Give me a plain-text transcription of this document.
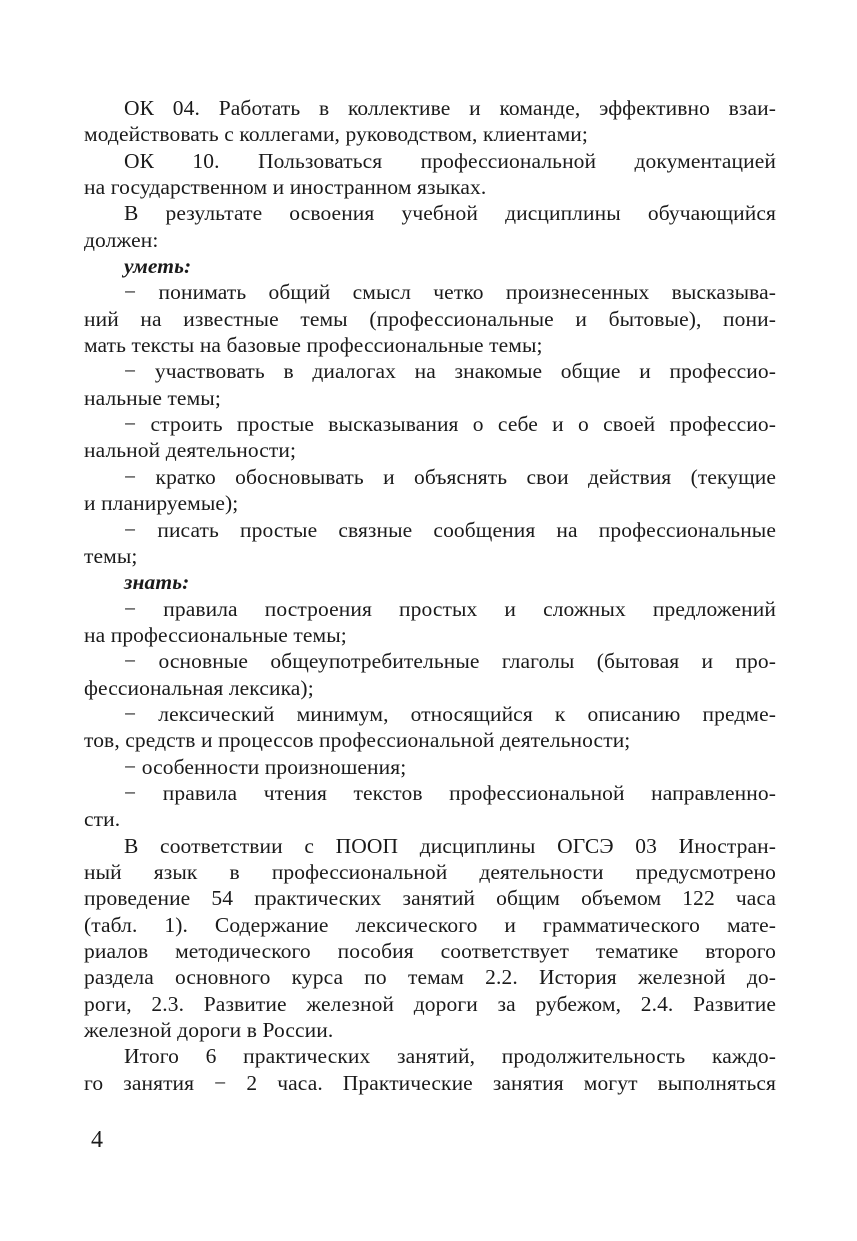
ОК 04. Работать в коллективе и команде, эффективно взаи-
модействовать с коллегами, руководством, клиентами;
ОК 10. Пользоваться профессиональной документацией
на государственном и иностранном языках.
В результате освоения учебной дисциплины обучающийся
должен:
уметь:
− понимать общий смысл четко произнесенных высказыва-
ний на известные темы (профессиональные и бытовые), пони-
мать тексты на базовые профессиональные темы;
− участвовать в диалогах на знакомые общие и профессио-
нальные темы;
− строить простые высказывания о себе и о своей профессио-
нальной деятельности;
− кратко обосновывать и объяснять свои действия (текущие
и планируемые);
− писать простые связные сообщения на профессиональные
темы;
знать:
− правила построения простых и сложных предложений
на профессиональные темы;
− основные общеупотребительные глаголы (бытовая и про-
фессиональная лексика);
− лексический минимум, относящийся к описанию предме-
тов, средств и процессов профессиональной деятельности;
− особенности произношения;
− правила чтения текстов профессиональной направленно-
сти.
В соответствии с ПООП дисциплины ОГСЭ 03 Иностран-
ный язык в профессиональной деятельности предусмотрено
проведение 54 практических занятий общим объемом 122 часа
(табл. 1). Содержание лексического и грамматического мате-
риалов методического пособия соответствует тематике второго
раздела основного курса по темам 2.2. История железной до-
роги, 2.3. Развитие железной дороги за рубежом, 2.4. Развитие
железной дороги в России.
Итого 6 практических занятий, продолжительность каждо-
го занятия − 2 часа. Практические занятия могут выполняться
4
